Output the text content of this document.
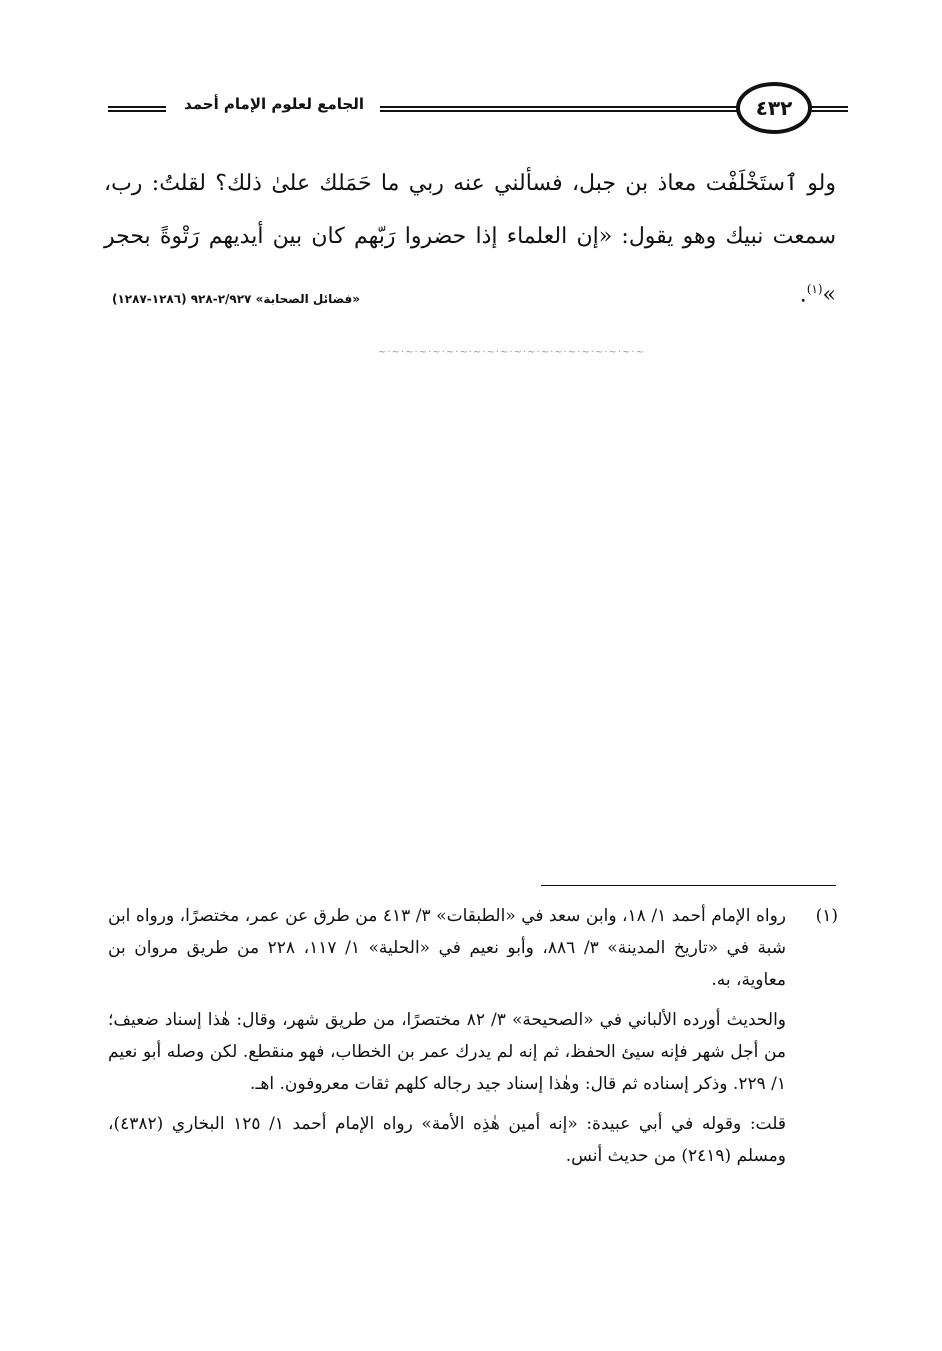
الجامع لعلوم الإمام أحمد	٤٣٢
ولو ٱستَخْلَفْت معاذ بن جبل، فسألني عنه ربي ما حَمَلك علىٰ ذلك؟ لقلتُ: رب، سمعت نبيك وهو يقول: «إن العلماء إذا حضروا رَبّهم كان بين أيديهم رَتْوةً بحجر »$^{(١)}$.
«فضائل الصحابة» ٢/٩٢٧-٩٢٨ (١٢٨٦-١٢٨٧)
~·~·~·~·~·~·~·~·~·~·~·~·~·~·~·~·~·~·~·~
(١)

رواه الإمام أحمد ١/ ١٨، وابن سعد في «الطبقات» ٣/ ٤١٣ من طرق عن عمر، مختصرًا، ورواه ابن شبة في «تاريخ المدينة» ٣/ ٨٨٦، وأبو نعيم في «الحلية» ١/ ١١٧، ٢٢٨ من طريق مروان بن معاوية، به.

والحديث أورده الألباني في «الصحيحة» ٣/ ٨٢ مختصرًا، من طريق شهر، وقال: هٰذا إسناد ضعيف؛ من أجل شهر فإنه سيئ الحفظ، ثم إنه لم يدرك عمر بن الخطاب، فهو منقطع. لكن وصله أبو نعيم ١/ ٢٢٩. وذكر إسناده ثم قال: وهٰذا إسناد جيد رجاله كلهم ثقات معروفون. اهـ.

قلت: وقوله في أبي عبيدة: «إنه أمين هٰذِه الأمة» رواه الإمام أحمد ١/ ١٢٥ البخاري (٤٣٨٢)، ومسلم (٢٤١٩) من حديث أنس.
